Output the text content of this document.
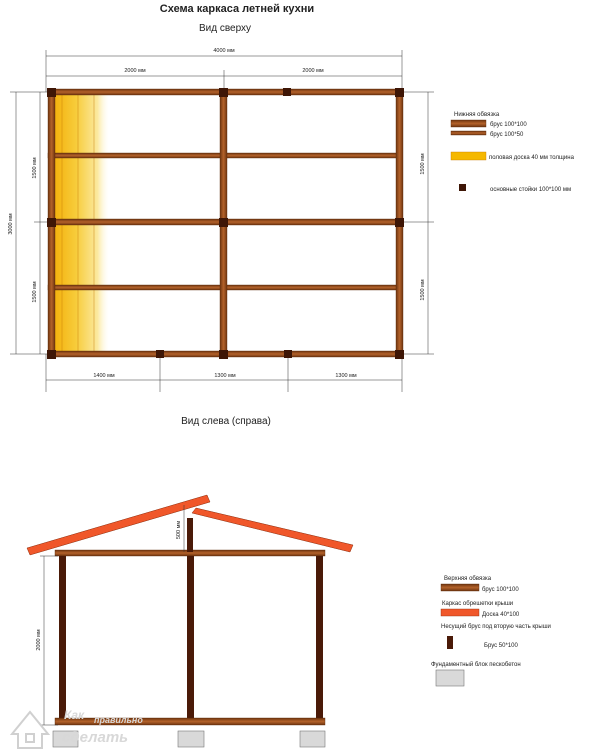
Схема каркаса летней кухни
Вид сверху
4000 мм
2000 мм	2000 мм
3000 мм
1500 мм
1500 мм
1500 мм
1500 мм
1400 мм	1300 мм	1300 мм
Нижняя обвязка
брус 100*100
брус 100*50
половая доска 40 мм толщина
основные стойки 100*100 мм
Вид слева (справа)
2000 мм
500 мм
Верхняя обвязка
брус 100*100
Каркас обрешетки крыши
Доска 40*100
Несущий брус под вторую часть крыши
Брус 50*100
Фундаментный блок пескобетон
Как правильно
сделать
